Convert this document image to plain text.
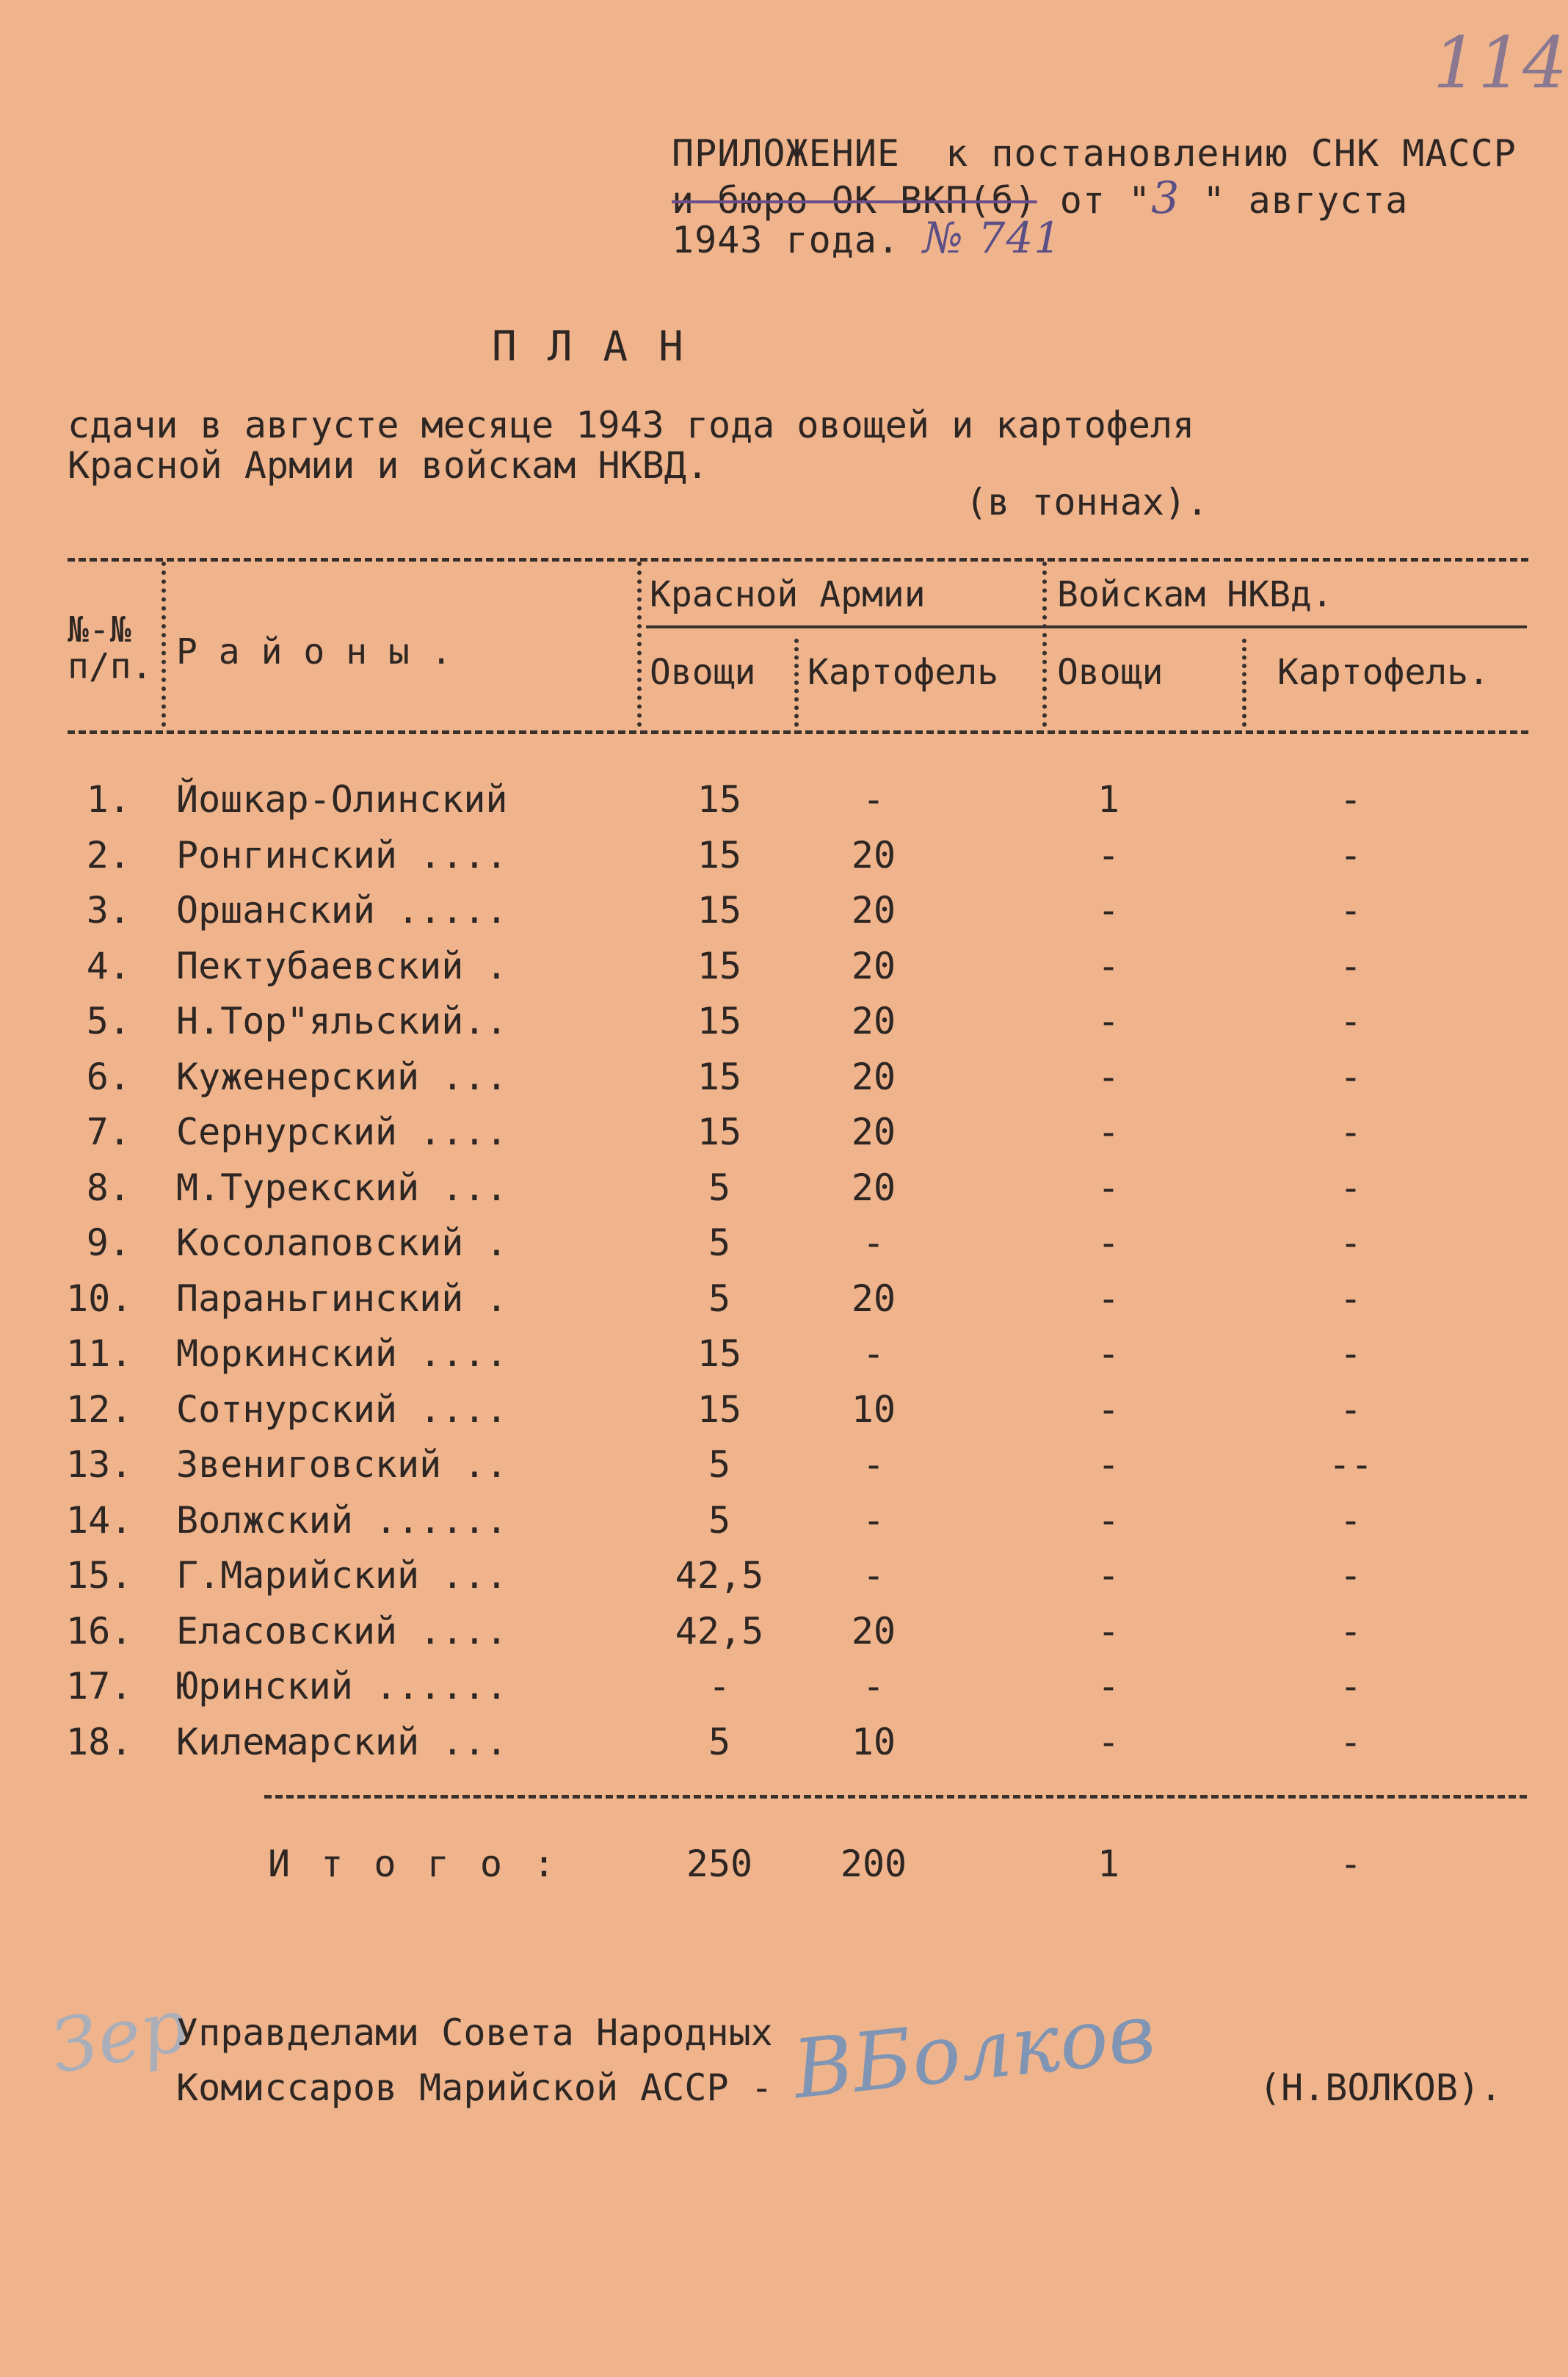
114
ПРИЛОЖЕНИЕ  к постановлению СНК МАССР
и бюро ОК ВКП(б) от "3 " августа
1943 года. № 741
ПЛАН
сдачи в августе месяце 1943 года овощей и картофеля
Красной Армии и войскам НКВД.
(в тоннах).
№-№
п/п. Р а й о н ы .
Красной Армии	Войскам НКВд.
Овощи Картофель Овощи	Картофель.
1. Йошкар-Олинский	15	-	1	-
2. Ронгинский ....	15	20	-	-
3. Оршанский .....	15	20	-	-
4. Пектубаевский .	15	20	-	-
5. Н.Тор"яльский..	15	20	-	-
6. Куженерский ...	15	20	-	-
7. Сернурский ....	15	20	-	-
8. М.Турекский ...	5	20	-	-
9. Косолаповский .	5	-	-	-
10. Параньгинский .	5	20	-	-
11. Моркинский ....	15	-	-	-
12. Сотнурский ....	15	10	-	-
13. Звениговский ..	5	-	-	--
14. Волжский ......	5	-	-	-
15. Г.Марийский ...	42,5	-	-	-
16. Еласовский ....	42,5	20	-	-
17. Юринский ......	-	-	-	-
18. Килемарский ...	5	10	-	-
И т о г о :	250	200	1	-
Зер
Управделами Совета Народных
Комиссаров Марийской АССР - ВБолков	(Н.ВОЛКОВ).
